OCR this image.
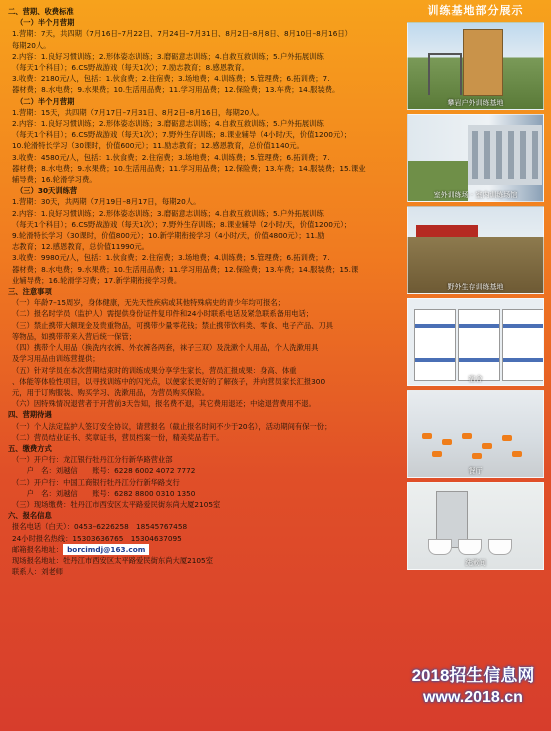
二、营期、收费标准
（一）半个月营期
1.营期：7天，共四期（7月16日–7月22日、7月24日–7月31日、8月2日–8月8日、8月10日–8月16日）
每期20人。
2.内容：1.良好习惯训练；2.形体姿态训练；3.磨砺意志训练；4.自救互救训练；5.户外拓展训练
（每天1个科目）；6.CS野战游戏（每天1次）；7.励志教育；8.感恩教育。
3.收费：2180元/人，包括：1.伙食费；2.住宿费；3.场地费；4.训练费；5.管理费；6.拓训费；7.
器材费；8.水电费；9.水果费；10.生活用品费；11.学习用品费；12.保险费；13.车费；14.服装费。
（二）半个月营期
1.营期：15天，共四期（7月17日–7月31日、8月2日–8月16日，每期20人。
2.内容：1.良好习惯训练；2.形体姿态训练；3.磨砺意志训练；4.自救互救训练；5.户外拓展训练
（每天1个科目）；6.CS野战游戏（每天1次）；7.野外生存训练；8.课业辅导（4小时/天，价值1200元）；
10.轮滑特长学习（30课时，价值600元）；11.励志教育；12.感恩教育，总价值1140元。
3.收费：4580元/人，包括：1.伙食费；2.住宿费；3.场地费；4.训练费；5.管理费；6.拓训费；7.
器材费；8.水电费；9.水果费；10.生活用品费；11.学习用品费；12.保险费；13.车费；14.服装费；15.课业
辅导费；16.轮滑学习费。
（三）30天训练营
1.营期：30天，共两期（7月19日–8月17日，每期20人。
2.内容：1.良好习惯训练；2.形体姿态训练；3.磨砺意志训练；4.自救互救训练；5.户外拓展训练
（每天1个科目）；6.CS野战游戏（每天1次）；7.野外生存训练；8.课业辅导（2小时/天，价值1200元）；
9.轮滑特长学习（30课时，价值800元）；10.新学期衔接学习（4小时/天，价值4800元）；11.励
志教育；12.感恩教育，总价值11990元。
3.收费：9980元/人，包括：1.伙食费；2.住宿费；3.场地费；4.训练费；5.管理费；6.拓训费；7.
器材费；8.水电费；9.水果费；10.生活用品费；11.学习用品费；12.保险费；13.车费；14.服装费；15.课
业辅导费；16.轮滑学习费；17.新学期衔接学习费。
三、注意事项
（一）年龄7–15周岁，身体健康，无先天性疾病或其他特殊病史的青少年均可报名；
（二）报名时学员（监护人）需提供身份证件复印件和24小时联系电话及紧急联系备用电话；
（三）禁止携带大额现金及贵重物品，可携带少量零花钱；禁止携带饮料类、零食、电子产品、刀具
等物品，如携带带来入营后统一保管；
（四）携带个人用品（换洗内衣裤、外衣裤各两套，袜子三双）及洗漱个人用品，个人洗漱用具
及学习用品由训练营提供；
（五）针对学员在本次营期结束时的训练成果分享学生家长，营员汇报成果：身高、体重
、体能等体验性项目，以寻找训练中的闪光点，以便家长更好的了解孩子，并向营员家长汇报300
元，用于订购服装、购买学习、洗漱用品，为营员购买保险。
（六）因特殊情况退营者于开营前3天告知，报名费不退，其它费用退还；中途退营费用不退。
四、营期待遇
（一）个人法定监护人签订安全协议，请营报名（截止报名时间不少于20名），活动期间有保一份；
（二）营员结业证书、奖章证书，营员档案一份，精美奖品若干。
五、缴费方式
（一）开户行：龙江银行牡丹江分行新华路营业部
　　户　名：刘越信　　账号：6228 6002 4072 7772
（二）开户行：中国工商银行牡丹江分行新华路支行
　　户　名：刘越信　　账号：6282 8800 0310 1350
（三）现场缴费：牡丹江市西安区太平路爱民街东尚大厦2105室
六、报名信息
报名电话（白天）：0453–6226258　18545767458
24小时报名热线：15303636765　15304637095
邮箱报名地址： borcimdj@163.com
现场报名地址：牡丹江市西安区太平路爱民街东尚大厦2105室
联系人：刘老师
训练基地部分展示
攀岩户外训练基地
室外训练场 · 室内训练场馆
野外生存训练基地
宿舍
餐厅
洗漱间
2018招生信息网
www.2018.cn
